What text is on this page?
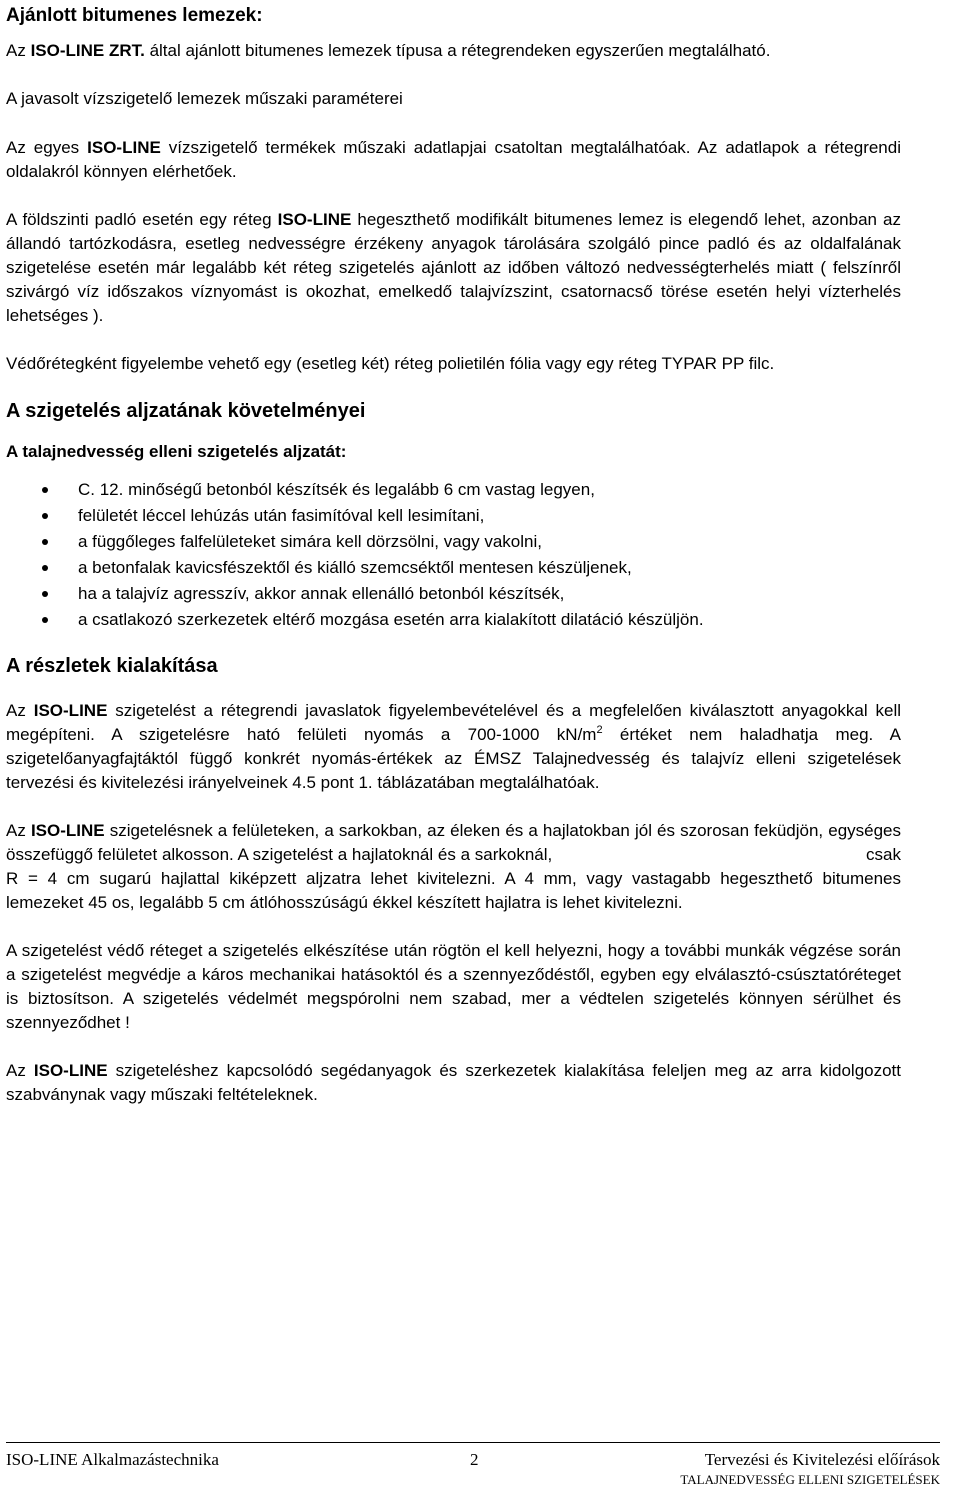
Ajánlott bitumenes lemezek:

Az ISO-LINE ZRT. által ajánlott bitumenes lemezek típusa a rétegrendeken egyszerűen megtalálható.

A javasolt vízszigetelő lemezek műszaki paraméterei

Az egyes ISO-LINE vízszigetelő termékek műszaki adatlapjai csatoltan megtalálhatóak. Az adatlapok a rétegrendi oldalakról könnyen elérhetőek.

A földszinti padló esetén egy réteg ISO-LINE hegeszthető modifikált bitumenes lemez is elegendő lehet, azonban az állandó tartózkodásra, esetleg nedvességre érzékeny anyagok tárolására szolgáló pince padló és az oldalfalának szigetelése esetén már legalább két réteg szigetelés ajánlott az időben változó nedvességterhelés miatt ( felszínről szivárgó víz időszakos víznyomást is okozhat, emelkedő talajvízszint, csatornacső törése esetén helyi vízterhelés lehetséges ).

Védőrétegként figyelembe vehető egy (esetleg két) réteg polietilén fólia vagy egy réteg TYPAR PP filc.

A szigetelés aljzatának követelményei
A talajnedvesség elleni szigetelés aljzatát:
C. 12. minőségű betonból készítsék és legalább 6 cm vastag legyen,
felületét léccel lehúzás után fasimítóval kell lesimítani,
a függőleges falfelületeket simára kell dörzsölni, vagy vakolni,
a betonfalak kavicsfészektől és kiálló szemcséktől mentesen készüljenek,
ha a talajvíz agresszív, akkor annak ellenálló betonból készítsék,
a csatlakozó szerkezetek eltérő mozgása esetén arra kialakított dilatáció készüljön.
A részletek kialakítása

Az ISO-LINE szigetelést a rétegrendi javaslatok figyelembevételével és a megfelelően kiválasztott anyagokkal kell megépíteni. A szigetelésre ható felületi nyomás a 700-1000 $kN/m^2$ értéket nem haladhatja meg. A szigetelőanyagfajtáktól függő konkrét nyomás-értékek az ÉMSZ Talajnedvesség és talajvíz elleni szigetelések tervezési és kivitelezési irányelveinek 4.5 pont 1. táblázatában megtalálhatóak.

Az ISO-LINE szigetelésnek a felületeken, a sarkokban, az éleken és a hajlatokban jól és szorosan feküdjön, egységes összefüggő felületet alkosson. A szigetelést a hajlatoknál és a sarkoknál,	csak

R = 4 cm sugarú hajlattal kiképzett aljzatra lehet kivitelezni. A 4 mm, vagy vastagabb hegeszthető bitumenes lemezeket 45 os, legalább 5 cm átlóhosszúságú ékkel készített hajlatra is lehet kivitelezni.

A szigetelést védő réteget a szigetelés elkészítése után rögtön el kell helyezni, hogy a további munkák végzése során a szigetelést megvédje a káros mechanikai hatásoktól és a szennyeződéstől, egyben egy elválasztó-csúsztatóréteget is biztosítson. A szigetelés védelmét megspórolni nem szabad, mer a védtelen szigetelés könnyen sérülhet és szennyeződhet !

Az ISO-LINE szigeteléshez kapcsolódó segédanyagok és szerkezetek kialakítása feleljen meg az arra kidolgozott szabványnak vagy műszaki feltételeknek.

ISO-LINE Alkalmazástechnika	2	Tervezési és Kivitelezési előírások
TALAJNEDVESSÉG ELLENI SZIGETELÉSEK
